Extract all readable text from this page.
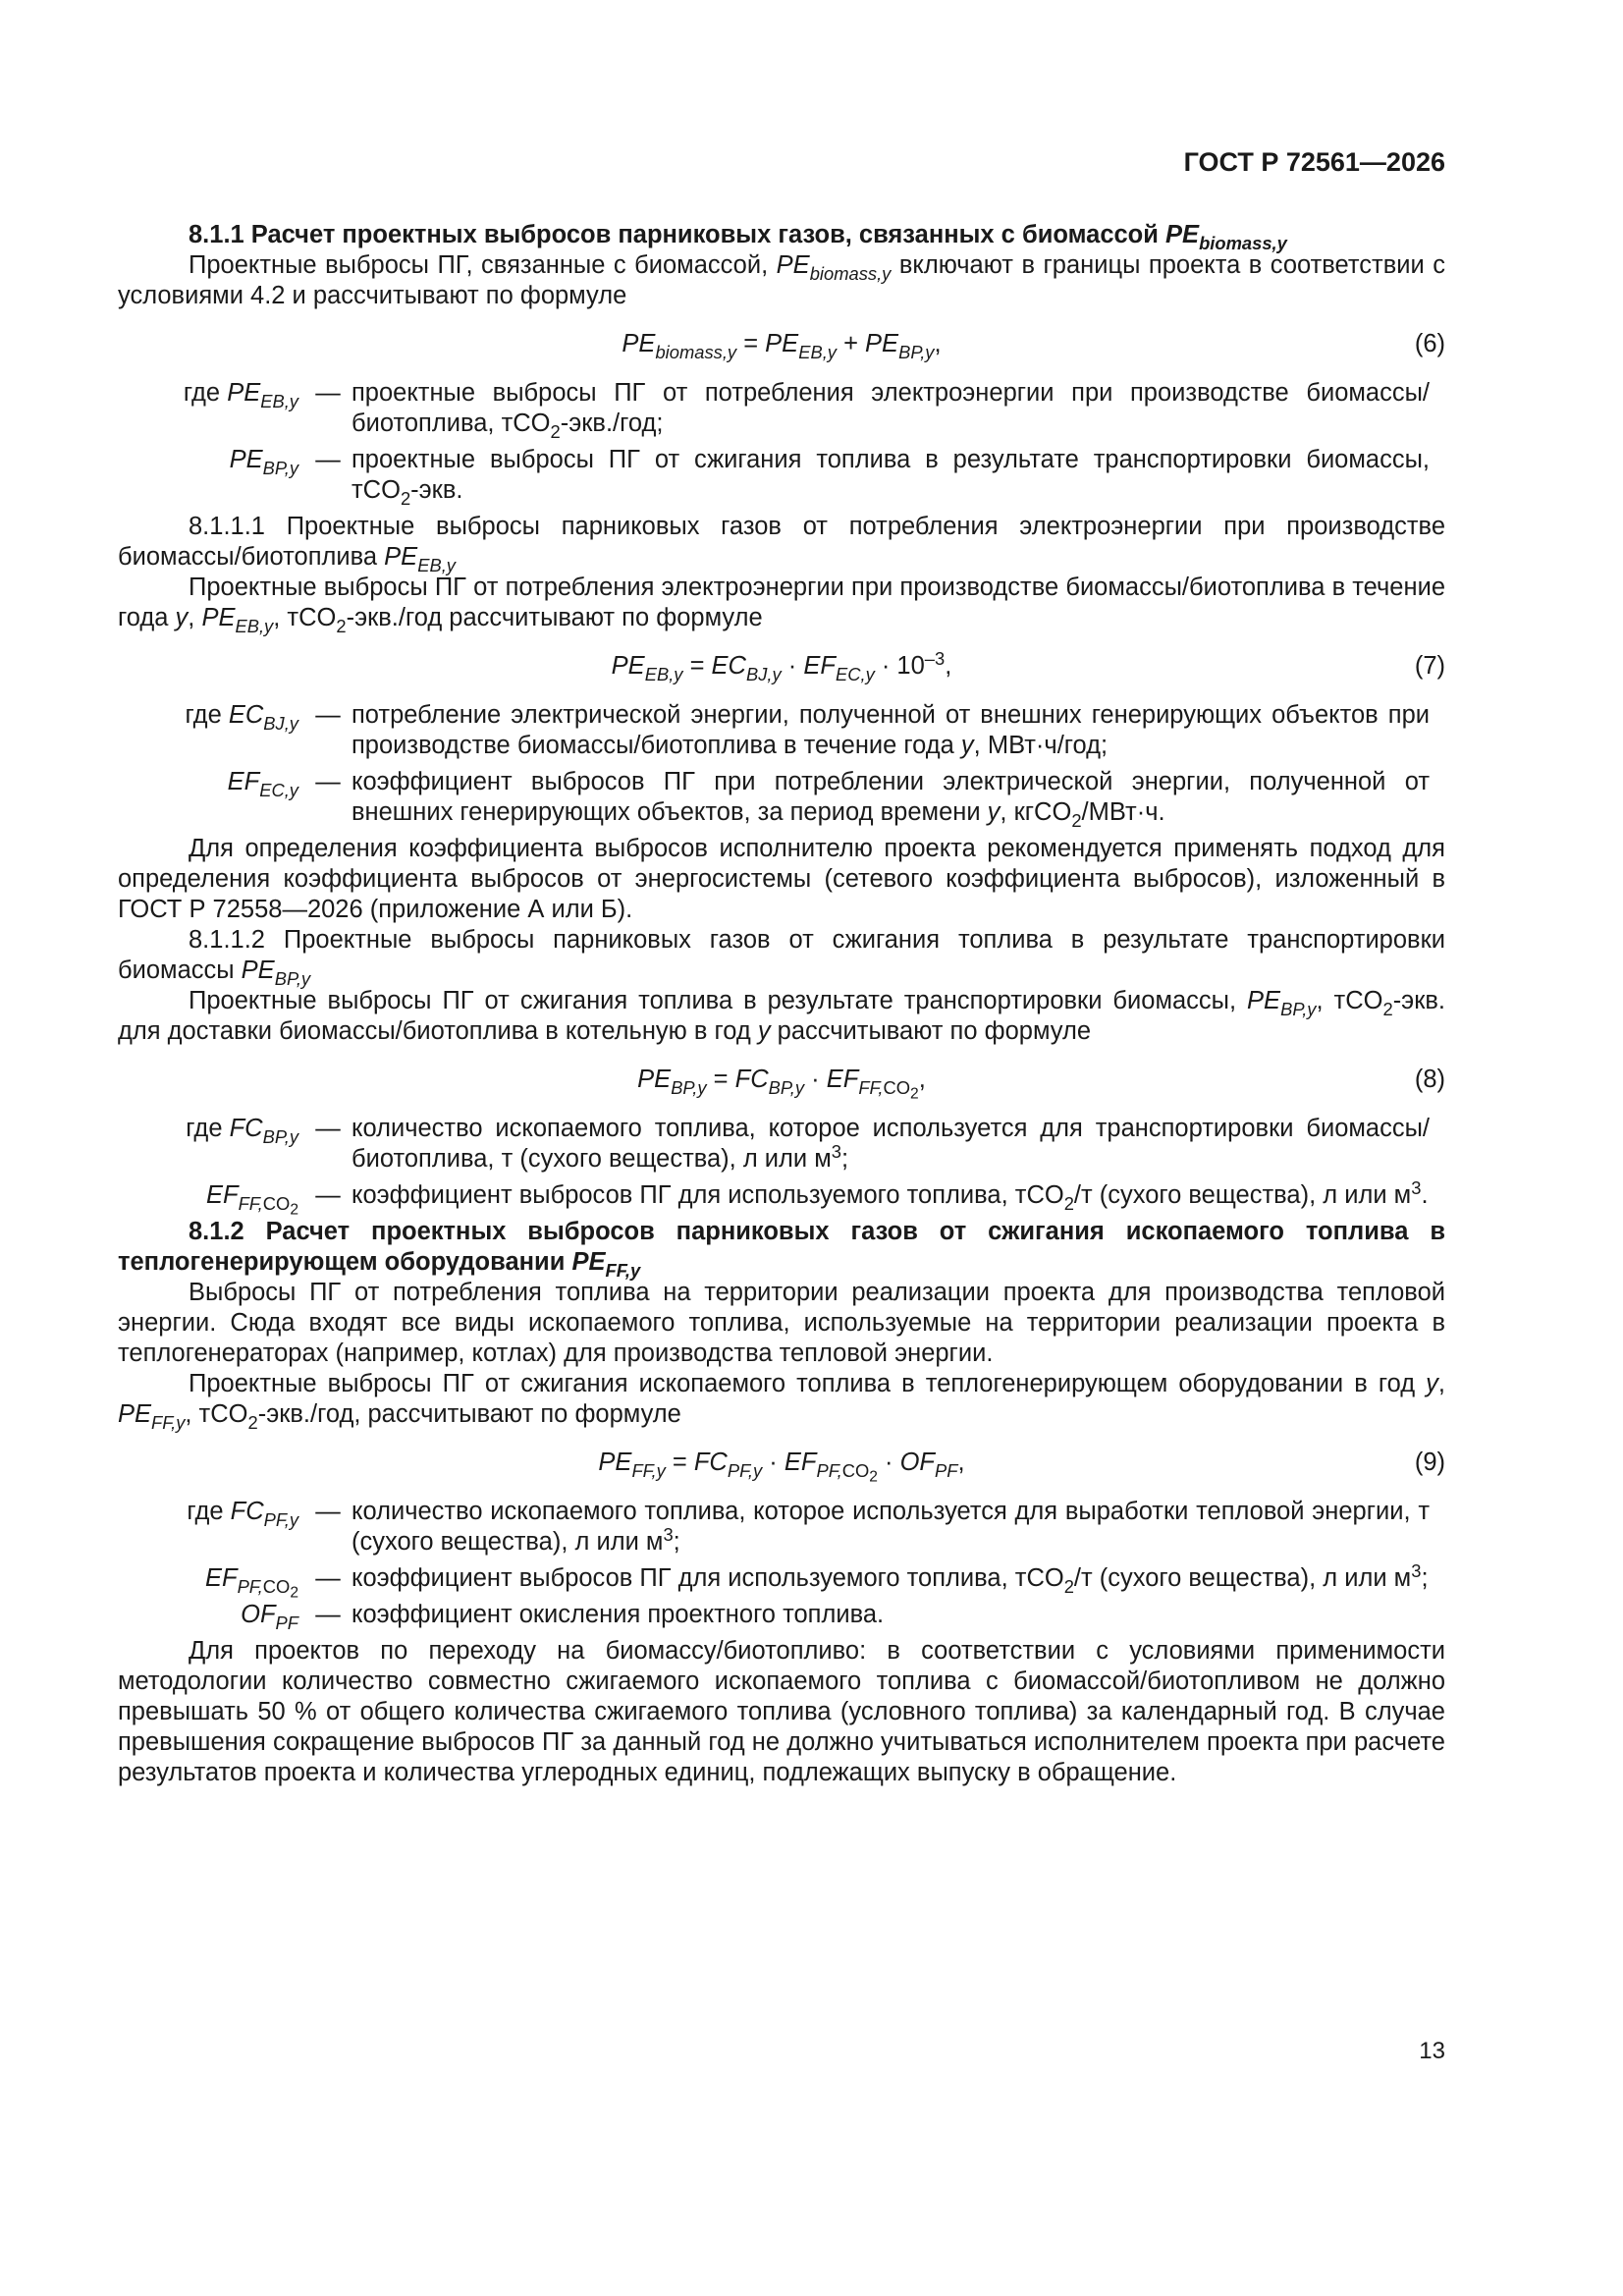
ГОСТ Р 72561—2026

8.1.1 Расчет проектных выбросов парниковых газов, связанных с биомассой $PE_{biomass,y}$

Проектные выбросы ПГ, связанные с биомассой, $PE_{biomass,y}$ включают в границы проекта в соответствии с условиями 4.2 и рассчитывают по формуле

$PE_{biomass,y} = PE_{EB,y} + PE_{BP,y}$,	(6)
где $PE_{EB,y}$ — проектные выбросы ПГ от потребления электроэнергии при производстве биомассы/биотоплива, тCO$_2$-экв./год;
$PE_{BP,y}$ — проектные выбросы ПГ от сжигания топлива в результате транспортировки биомассы, тCO$_2$-экв.

8.1.1.1 Проектные выбросы парниковых газов от потребления электроэнергии при производстве биомассы/биотоплива $PE_{EB,y}$

Проектные выбросы ПГ от потребления электроэнергии при производстве биомассы/биотоплива в течение года y, $PE_{EB,y}$, тCO$_2$-экв./год рассчитывают по формуле

$PE_{EB,y} = EC_{BJ,y} \cdot EF_{EC,y} \cdot 10^{-3}$,	(7)
где $EC_{BJ,y}$ — потребление электрической энергии, полученной от внешних генерирующих объектов при производстве биомассы/биотоплива в течение года y, МВт·ч/год;
$EF_{EC,y}$ — коэффициент выбросов ПГ при потреблении электрической энергии, полученной от внешних генерирующих объектов, за период времени y, кгCO$_2$/МВт·ч.

Для определения коэффициента выбросов исполнителю проекта рекомендуется применять подход для определения коэффициента выбросов от энергосистемы (сетевого коэффициента выбросов), изложенный в ГОСТ Р 72558—2026 (приложение А или Б).

8.1.1.2 Проектные выбросы парниковых газов от сжигания топлива в результате транспортировки биомассы $PE_{BP,y}$

Проектные выбросы ПГ от сжигания топлива в результате транспортировки биомассы, $PE_{BP,y}$, тCO$_2$-экв. для доставки биомассы/биотоплива в котельную в год y рассчитывают по формуле

$PE_{BP,y} = FC_{BP,y} \cdot EF_{FF,CO_2}$,	(8)
где $FC_{BP,y}$ — количество ископаемого топлива, которое используется для транспортировки биомассы/биотоплива, т (сухого вещества), л или $м^3$;
$EF_{FF,CO_2}$
— коэффициент выбросов ПГ для используемого топлива, тCO$_2$/т (сухого вещества), л или $м^3$.

8.1.2 Расчет проектных выбросов парниковых газов от сжигания ископаемого топлива в теплогенерирующем оборудовании $PE_{FF,y}$

Выбросы ПГ от потребления топлива на территории реализации проекта для производства тепловой энергии. Сюда входят все виды ископаемого топлива, используемые на территории реализации проекта в теплогенераторах (например, котлах) для производства тепловой энергии.

Проектные выбросы ПГ от сжигания ископаемого топлива в теплогенерирующем оборудовании в год y, $PE_{FF,y}$, тCO$_2$-экв./год, рассчитывают по формуле

$PE_{FF,y} = FC_{PF,y} \cdot EF_{PF,CO_2} \cdot OF_{PF}$,	(9)
где $FC_{PF,y}$ — количество ископаемого топлива, которое используется для выработки тепловой энергии, т (сухого вещества), л или $м^3$;
$EF_{PF,CO_2}$
— коэффициент выбросов ПГ для используемого топлива, тCO$_2$/т (сухого вещества), л или $м^3$;
$OF_{PF}$ — коэффициент окисления проектного топлива.

Для проектов по переходу на биомассу/биотопливо: в соответствии с условиями применимости методологии количество совместно сжигаемого ископаемого топлива с биомассой/биотопливом не должно превышать 50 % от общего количества сжигаемого топлива (условного топлива) за календарный год. В случае превышения сокращение выбросов ПГ за данный год не должно учитываться исполнителем проекта при расчете результатов проекта и количества углеродных единиц, подлежащих выпуску в обращение.

13
